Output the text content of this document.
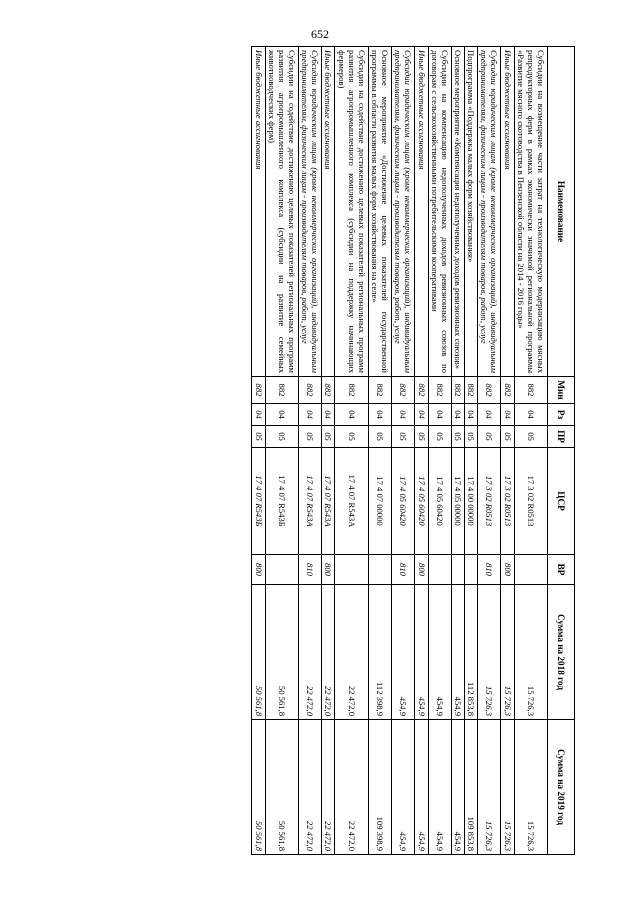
652
Наименование	Мин	Рз	ПР	ЦСР	ВР	Сумма на 2018 год	Сумма на 2019 год
Субсидии на возмещение части затрат на технологическую модернизацию мясных репродукторных ферм в рамках экономически значимой региональной программы «Развитие мясного скотоводства в Пензенской области на 2014 - 2016 годы»	882	04	05	17 3 02 R0513		15 726,3	15 726,3
Иные бюджетные ассигнования	882	04	05	17 3 02 R0513	800	15 726,3	15 726,3
Субсидии юридическим лицам (кроме некоммерческих организаций), индивидуальным предпринимателям, физическим лицам - производителям товаров, работ, услуг	882	04	05	17 3 02 R0513	810	15 726,3	15 726,3
Подпрограмма «Поддержка малых форм хозяйствования»	882	04	05	17 4 00 00000		112 853,8	109 853,8
Основное мероприятие «Компенсация недополученных доходов ревизионных союзов»	882	04	05	17 4 05 00000		454,9	454,9
Субсидии на компенсацию недополученных доходов ревизионных союзов по договорам с сельскохозяйственными потребительскими кооперативами	882	04	05	17 4 05 60420		454,9	454,9
Иные бюджетные ассигнования	882	04	05	17 4 05 60420	800	454,9	454,9
Субсидии юридическим лицам (кроме некоммерческих организаций), индивидуальным предпринимателям, физическим лицам - производителям товаров, работ, услуг	882	04	05	17 4 05 60420	810	454,9	454,9
Основное мероприятие «Достижение целевых показателей государственной программы в области развития малых форм хозяйствования на селе»	882	04	05	17 4 07 00000		112 398,9	109 398,9
Субсидии на содействие достижению целевых показателей региональных программ развития агропромышленного комплекса (субсидии на поддержку начинающих фермеров)	882	04	05	17 4 07 R543А		22 472,0	22 472,0
Иные бюджетные ассигнования	882	04	05	17 4 07 R543А	800	22 472,0	22 472,0
Субсидии юридическим лицам (кроме некоммерческих организаций), индивидуальным предпринимателям, физическим лицам - производителям товаров, работ, услуг	882	04	05	17 4 07 R543А	810	22 472,0	22 472,0
Субсидии на содействие достижению целевых показателей региональных программ развития агропромышленного комплекса (субсидии на развитие семейных животноводческих ферм)	882	04	05	17 4 07 R543Б		50 561,8	50 561,8
Иные бюджетные ассигнования	882	04	05	17 4 07 R543Б	800	50 561,8	50 561,8
